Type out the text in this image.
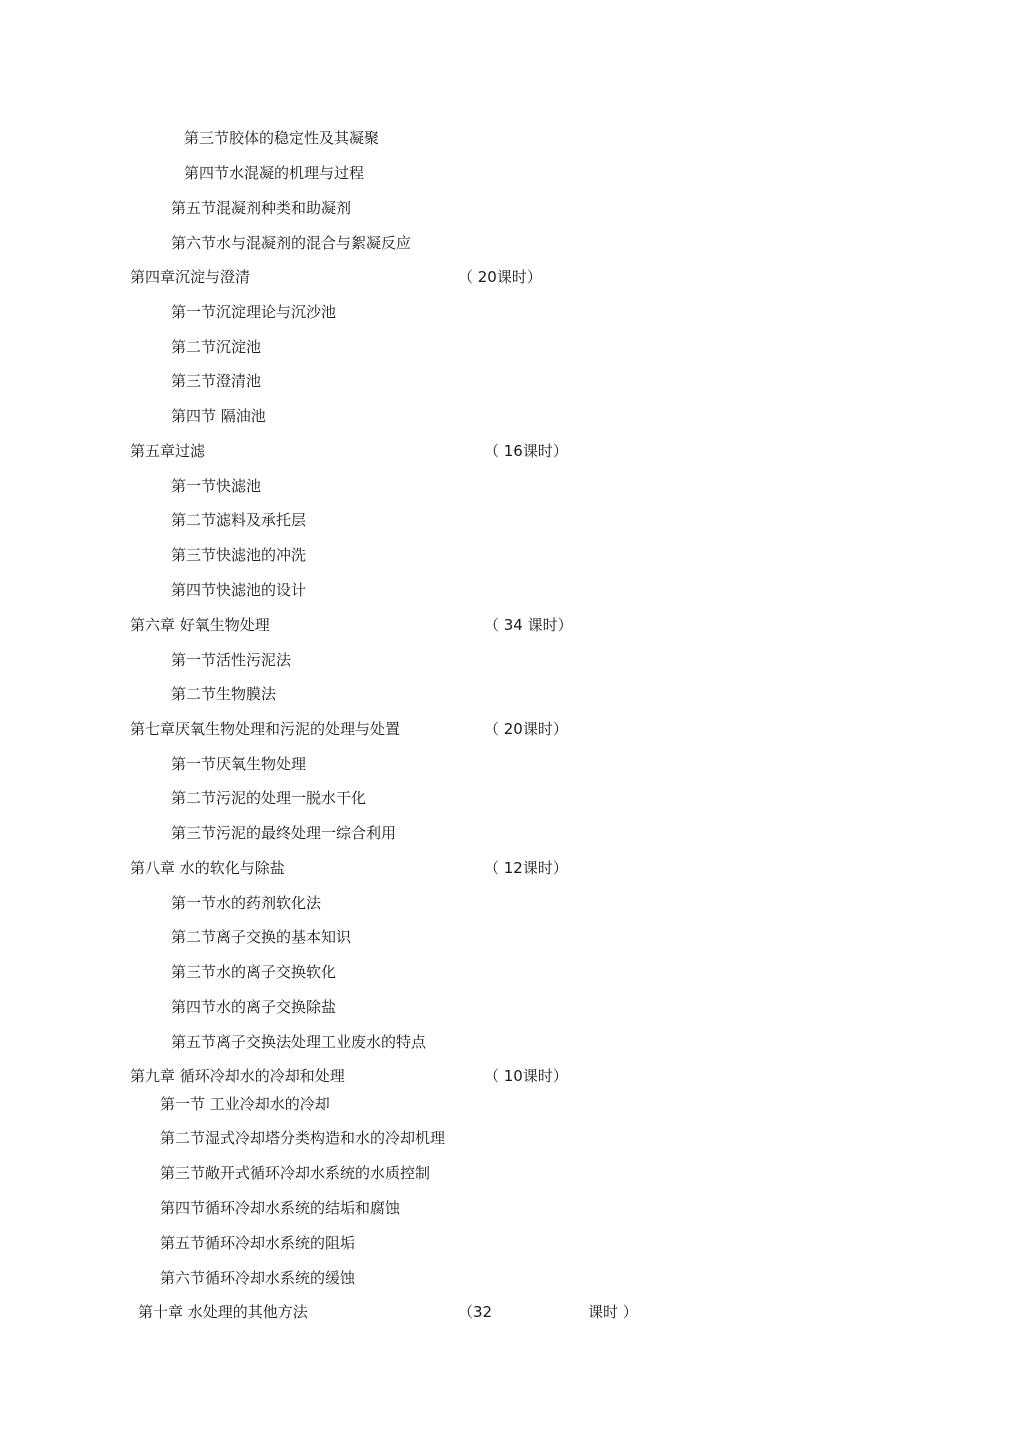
第三节胶体的稳定性及其凝聚
第四节水混凝的机理与过程
第五节混凝剂种类和助凝剂
第六节水与混凝剂的混合与絮凝反应
第四章沉淀与澄清	（ 20课时）
第一节沉淀理论与沉沙池
第二节沉淀池
第三节澄清池
第四节 隔油池
第五章过滤	（ 16课时）
第一节快滤池
第二节滤料及承托层
第三节快滤池的冲洗
第四节快滤池的设计
第六章 好氧生物处理	（ 34 课时）
第一节活性污泥法
第二节生物膜法
第七章厌氧生物处理和污泥的处理与处置	（ 20课时）
第一节厌氧生物处理
第二节污泥的处理一脱水干化
第三节污泥的最终处理一综合利用
第八章 水的软化与除盐	（ 12课时）
第一节水的药剂软化法
第二节离子交换的基本知识
第三节水的离子交换软化
第四节水的离子交换除盐
第五节离子交换法处理工业废水的特点
第九章 循环冷却水的冷却和处理	（ 10课时）
第一节 工业冷却水的冷却
第二节湿式冷却塔分类构造和水的冷却机理
第三节敞开式循环冷却水系统的水质控制
第四节循环冷却水系统的结垢和腐蚀
第五节循环冷却水系统的阻垢
第六节循环冷却水系统的缓蚀
第十章 水处理的其他方法	（32	课时 ）
